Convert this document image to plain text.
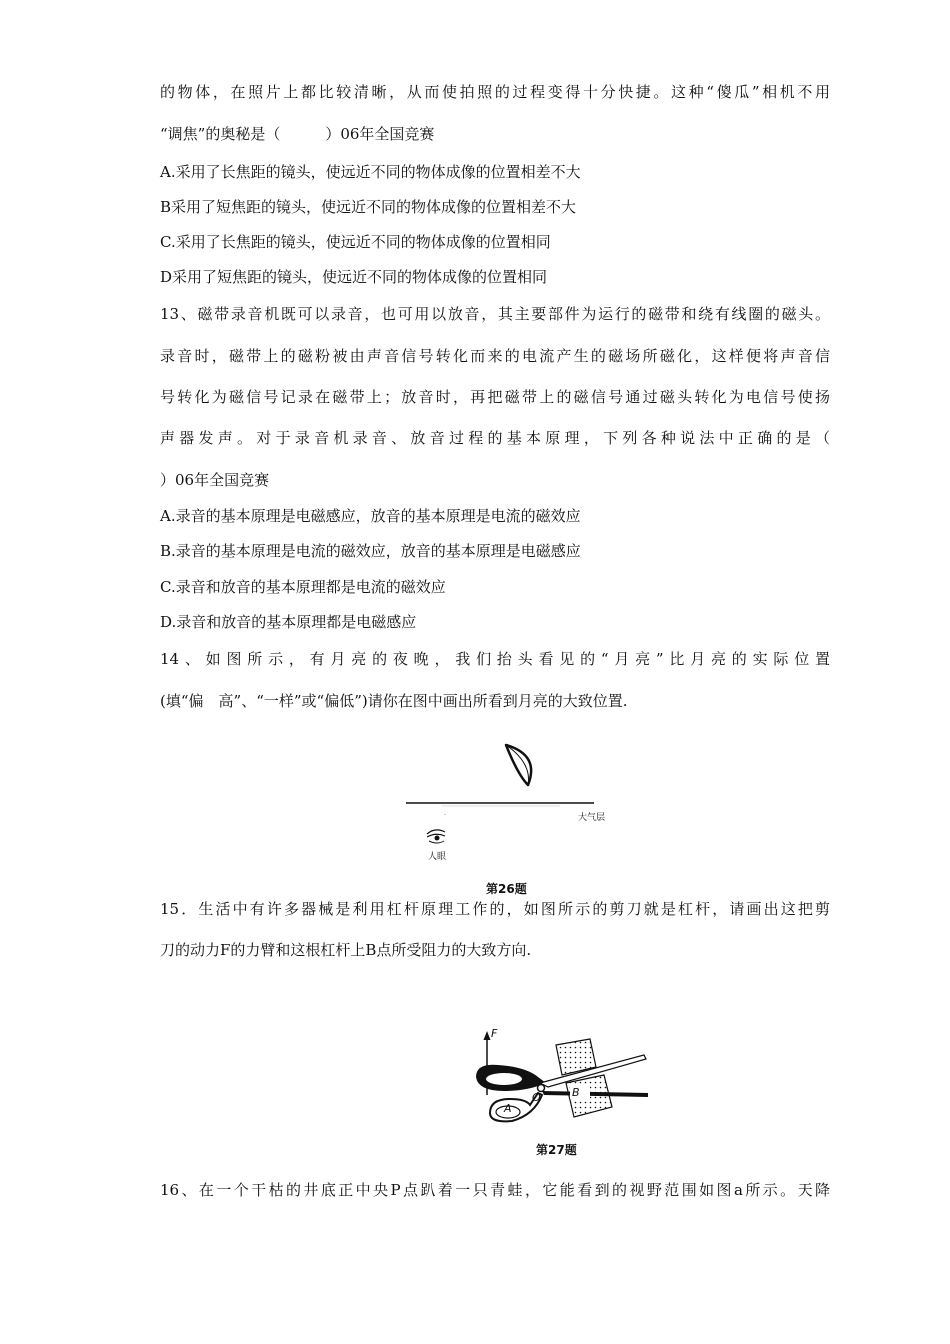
的物体，在照片上都比较清晰，从而使拍照的过程变得十分快捷。这种“傻瓜”相机不用
“调焦”的奥秘是（　　　）06年全国竞赛
A.采用了长焦距的镜头，使远近不同的物体成像的位置相差不大
B采用了短焦距的镜头，使远近不同的物体成像的位置相差不大
C.采用了长焦距的镜头，使远近不同的物体成像的位置相同
D采用了短焦距的镜头，使远近不同的物体成像的位置相同
13、磁带录音机既可以录音，也可用以放音，其主要部件为运行的磁带和绕有线圈的磁头。
录音时，磁带上的磁粉被由声音信号转化而来的电流产生的磁场所磁化，这样便将声音信
号转化为磁信号记录在磁带上；放音时，再把磁带上的磁信号通过磁头转化为电信号使扬
声器发声。对于录音机录音、放音过程的基本原理，下列各种说法中正确的是（
）06年全国竞赛
A.录音的基本原理是电磁感应，放音的基本原理是电流的磁效应
B.录音的基本原理是电流的磁效应，放音的基本原理是电磁感应
C.录音和放音的基本原理都是电流的磁效应
D.录音和放音的基本原理都是电磁感应
14、如图所示，有月亮的夜晚，我们抬头看见的“月亮”比月亮的实际位置
(填“偏　高”、“一样”或“偏低”)请你在图中画出所看到月亮的大致位置.
·	大气层
人眼
第26题
15．生活中有许多器械是利用杠杆原理工作的，如图所示的剪刀就是杠杆，请画出这把剪
刀的动力F的力臂和这根杠杆上B点所受阻力的大致方向.
F
O
A
B
第27题
16、在一个干枯的井底正中央P点趴着一只青蛙，它能看到的视野范围如图a所示。天降
